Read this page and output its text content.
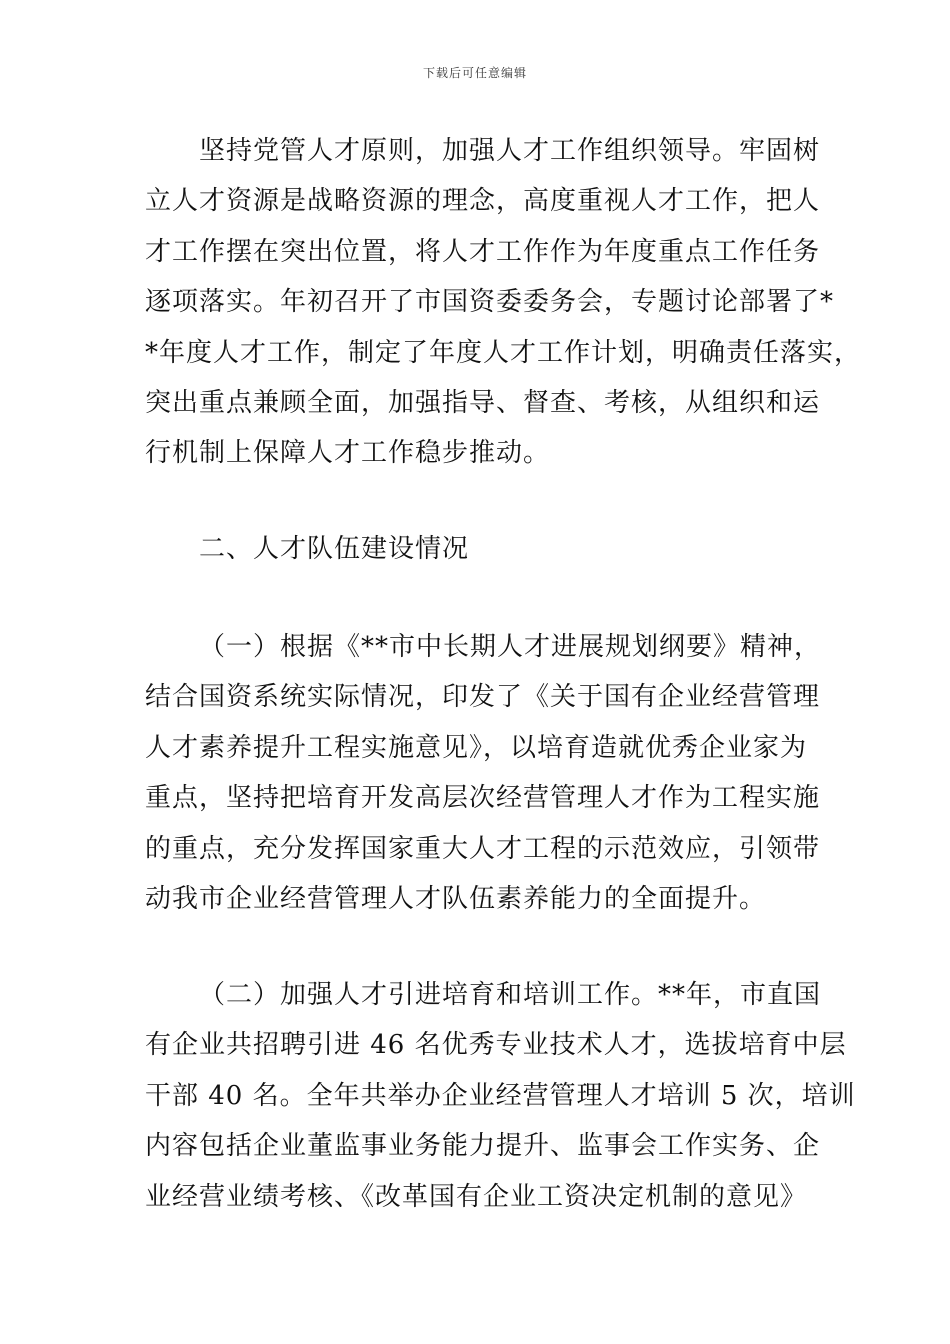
下载后可任意编辑
坚持党管人才原则，加强人才工作组织领导。牢固树
立人才资源是战略资源的理念，高度重视人才工作，把人
才工作摆在突出位置，将人才工作作为年度重点工作任务
逐项落实。年初召开了市国资委委务会，专题讨论部署了*
*年度人才工作，制定了年度人才工作计划，明确责任落实，
突出重点兼顾全面，加强指导、督查、考核，从组织和运
行机制上保障人才工作稳步推动。
二、人才队伍建设情况
（一）根据《**市中长期人才进展规划纲要》精神，
结合国资系统实际情况，印发了《关于国有企业经营管理
人才素养提升工程实施意见》，以培育造就优秀企业家为
重点，坚持把培育开发高层次经营管理人才作为工程实施
的重点，充分发挥国家重大人才工程的示范效应，引领带
动我市企业经营管理人才队伍素养能力的全面提升。
（二）加强人才引进培育和培训工作。**年，市直国
有企业共招聘引进 46 名优秀专业技术人才，选拔培育中层
干部 40 名。全年共举办企业经营管理人才培训 5 次，培训
内容包括企业董监事业务能力提升、监事会工作实务、企
业经营业绩考核、《改革国有企业工资决定机制的意见》
